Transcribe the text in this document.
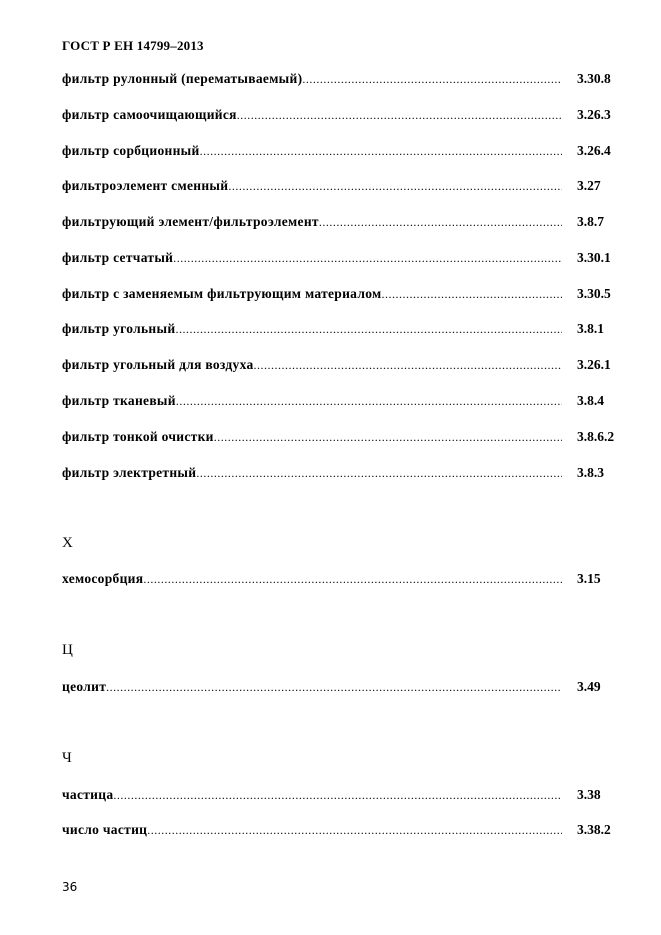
ГОСТ Р ЕН 14799–2013
фильтр рулонный (перематываемый) .....	3.30.8
фильтр самоочищающийся .....	3.26.3
фильтр сорбционный .....	3.26.4
фильтроэлемент сменный .....	3.27
фильтрующий элемент/фильтроэлемент .....	3.8.7
фильтр сетчатый .....	3.30.1
фильтр с заменяемым фильтрующим материалом .....	3.30.5
фильтр угольный .....	3.8.1
фильтр угольный для воздуха .....	3.26.1
фильтр тканевый .....	3.8.4
фильтр тонкой очистки .....	3.8.6.2
фильтр электретный .....	3.8.3
Х
хемосорбция .....	3.15
Ц
цеолит .....	3.49
Ч
частица .....	3.38
число частиц .....	3.38.2
36
